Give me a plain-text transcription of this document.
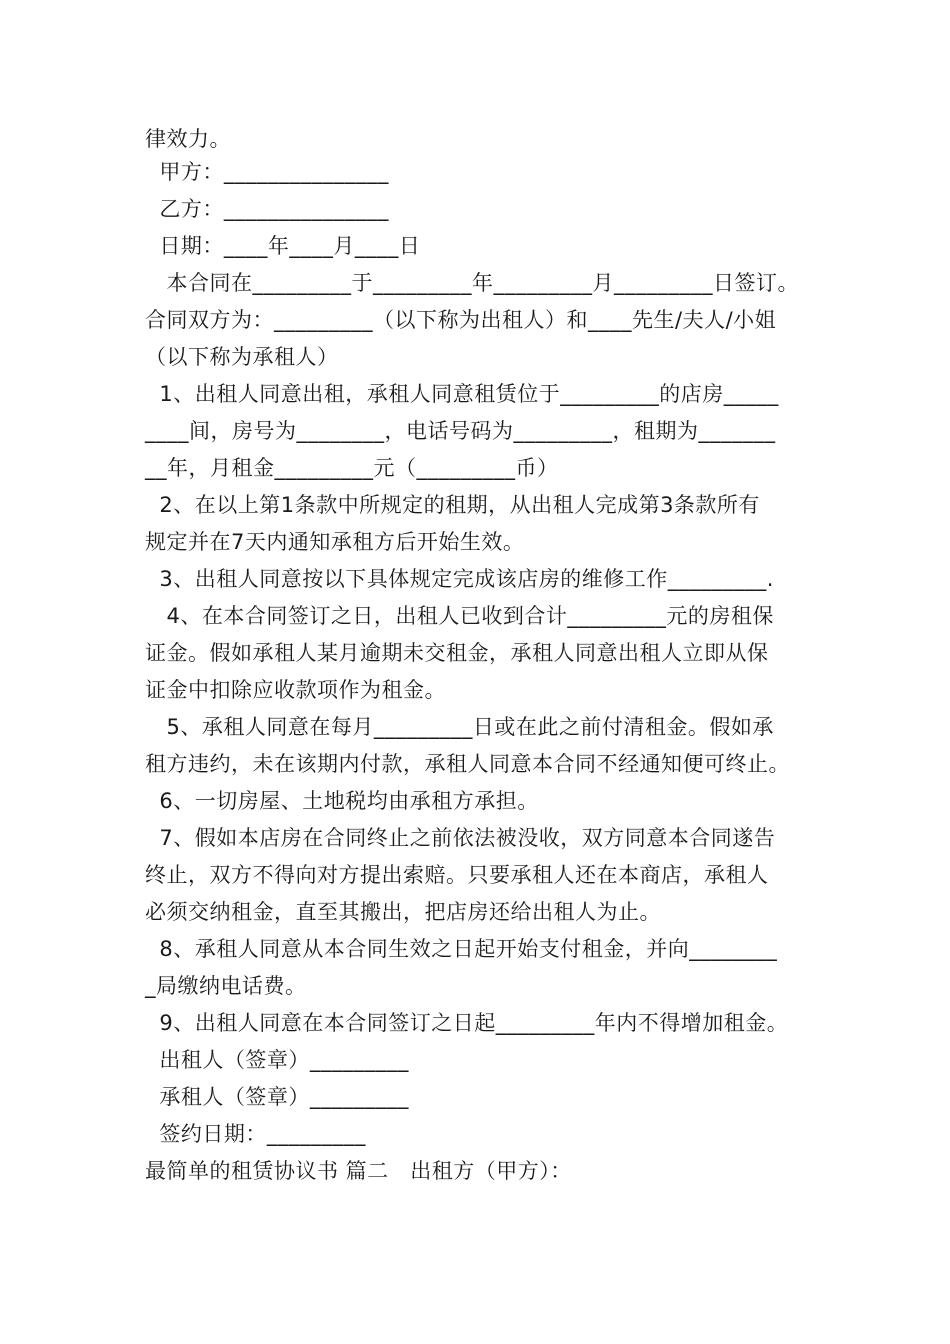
律效力。
甲方：_______________
乙方：_______________
日期：____年____月____日
本合同在_________于_________年_________月_________日签订。
合同双方为：_________（以下称为出租人）和____先生/夫人/小姐
（以下称为承租人）
1、出租人同意出租，承租人同意租赁位于_________的店房_____
____间，房号为________，电话号码为_________，租期为_______
__年，月租金_________元（_________币）
2、在以上第1条款中所规定的租期，从出租人完成第3条款所有
规定并在7天内通知承租方后开始生效。
3、出租人同意按以下具体规定完成该店房的维修工作_________.
4、在本合同签订之日，出租人已收到合计_________元的房租保
证金。假如承租人某月逾期未交租金，承租人同意出租人立即从保
证金中扣除应收款项作为租金。
5、承租人同意在每月_________日或在此之前付清租金。假如承
租方违约，未在该期内付款，承租人同意本合同不经通知便可终止。
6、一切房屋、土地税均由承租方承担。
7、假如本店房在合同终止之前依法被没收，双方同意本合同遂告
终止，双方不得向对方提出索赔。只要承租人还在本商店，承租人
必须交纳租金，直至其搬出，把店房还给出租人为止。
8、承租人同意从本合同生效之日起开始支付租金，并向________
_局缴纳电话费。
9、出租人同意在本合同签订之日起_________年内不得增加租金。
出租人（签章）_________
承租人（签章）_________
签约日期：_________
最简单的租赁协议书 篇二   出租方（甲方）：
